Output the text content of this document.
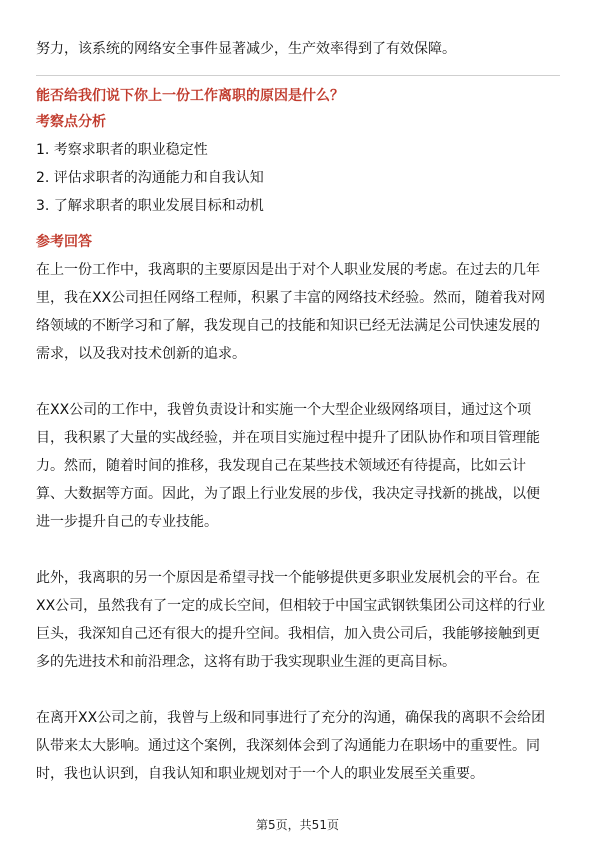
努力，该系统的网络安全事件显著减少，生产效率得到了有效保障。

能否给我们说下你上一份工作离职的原因是什么？

考察点分析

1. 考察求职者的职业稳定性
2. 评估求职者的沟通能力和自我认知
3. 了解求职者的职业发展目标和动机

参考回答

在上一份工作中，我离职的主要原因是出于对个人职业发展的考虑。在过去的几年
里，我在XX公司担任网络工程师，积累了丰富的网络技术经验。然而，随着我对网
络领域的不断学习和了解，我发现自己的技能和知识已经无法满足公司快速发展的
需求，以及我对技术创新的追求。
在XX公司的工作中，我曾负责设计和实施一个大型企业级网络项目，通过这个项
目，我积累了大量的实战经验，并在项目实施过程中提升了团队协作和项目管理能
力。然而，随着时间的推移，我发现自己在某些技术领域还有待提高，比如云计
算、大数据等方面。因此，为了跟上行业发展的步伐，我决定寻找新的挑战，以便
进一步提升自己的专业技能。
此外，我离职的另一个原因是希望寻找一个能够提供更多职业发展机会的平台。在
XX公司，虽然我有了一定的成长空间，但相较于中国宝武钢铁集团公司这样的行业
巨头，我深知自己还有很大的提升空间。我相信，加入贵公司后，我能够接触到更
多的先进技术和前沿理念，这将有助于我实现职业生涯的更高目标。
在离开XX公司之前，我曾与上级和同事进行了充分的沟通，确保我的离职不会给团
队带来太大影响。通过这个案例，我深刻体会到了沟通能力在职场中的重要性。同
时，我也认识到，自我认知和职业规划对于一个人的职业发展至关重要。
第5页，共51页
